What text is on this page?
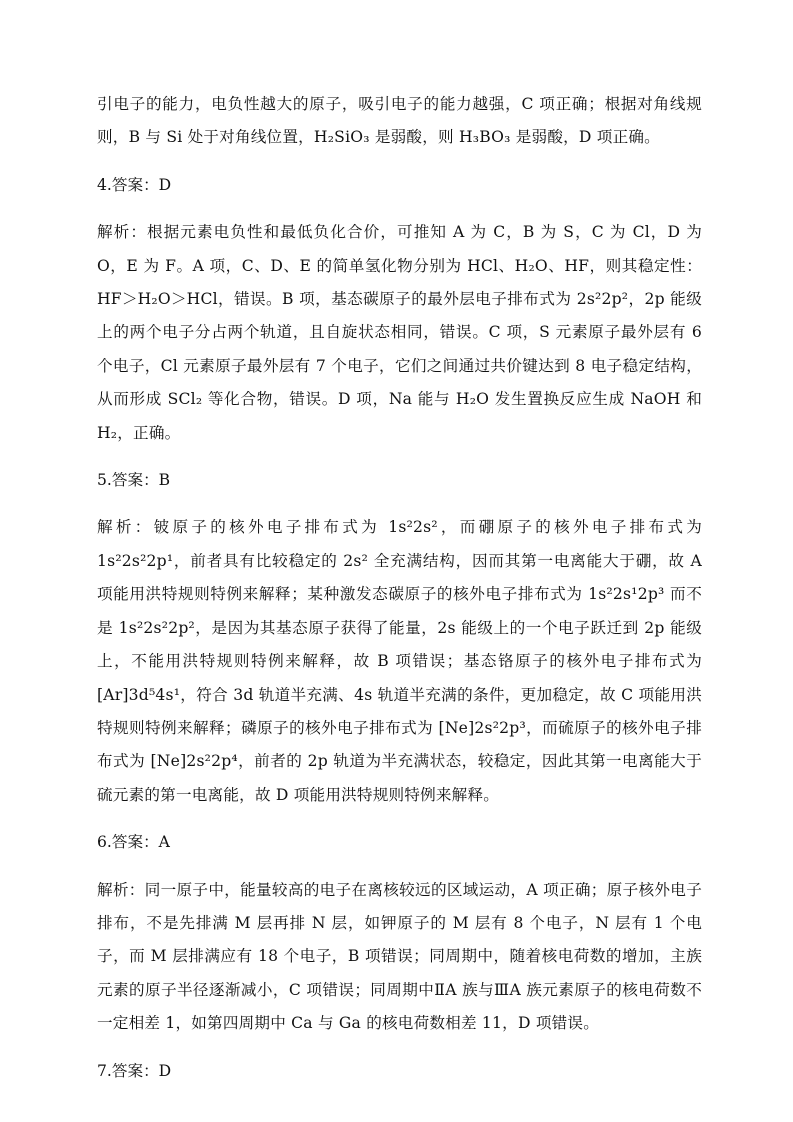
引电子的能力，电负性越大的原子，吸引电子的能力越强，C 项正确；根据对角线规则，B 与 Si 处于对角线位置，H₂SiO₃ 是弱酸，则 H₃BO₃ 是弱酸，D 项正确。

4.答案：D

解析：根据元素电负性和最低负化合价，可推知 A 为 C，B 为 S，C 为 Cl，D 为 O，E 为 F。A 项，C、D、E 的简单氢化物分别为 HCl、H₂O、HF，则其稳定性：HF＞H₂O＞HCl，错误。B 项，基态碳原子的最外层电子排布式为 2s²2p²，2p 能级上的两个电子分占两个轨道，且自旋状态相同，错误。C 项，S 元素原子最外层有 6 个电子，Cl 元素原子最外层有 7 个电子，它们之间通过共价键达到 8 电子稳定结构，从而形成 SCl₂ 等化合物，错误。D 项，Na 能与 H₂O 发生置换反应生成 NaOH 和 H₂，正确。

5.答案：B

解析：铍原子的核外电子排布式为 1s²2s²，而硼原子的核外电子排布式为 1s²2s²2p¹，前者具有比较稳定的 2s² 全充满结构，因而其第一电离能大于硼，故 A 项能用洪特规则特例来解释；某种激发态碳原子的核外电子排布式为 1s²2s¹2p³ 而不是 1s²2s²2p²，是因为其基态原子获得了能量，2s 能级上的一个电子跃迁到 2p 能级上，不能用洪特规则特例来解释，故 B 项错误；基态铬原子的核外电子排布式为 [Ar]3d⁵4s¹，符合 3d 轨道半充满、4s 轨道半充满的条件，更加稳定，故 C 项能用洪特规则特例来解释；磷原子的核外电子排布式为 [Ne]2s²2p³，而硫原子的核外电子排布式为 [Ne]2s²2p⁴，前者的 2p 轨道为半充满状态，较稳定，因此其第一电离能大于硫元素的第一电离能，故 D 项能用洪特规则特例来解释。

6.答案：A

解析：同一原子中，能量较高的电子在离核较远的区域运动，A 项正确；原子核外电子排布，不是先排满 M 层再排 N 层，如钾原子的 M 层有 8 个电子，N 层有 1 个电子，而 M 层排满应有 18 个电子，B 项错误；同周期中，随着核电荷数的增加，主族元素的原子半径逐渐减小，C 项错误；同周期中ⅡA 族与ⅢA 族元素原子的核电荷数不一定相差 1，如第四周期中 Ca 与 Ga 的核电荷数相差 11，D 项错误。

7.答案：D
